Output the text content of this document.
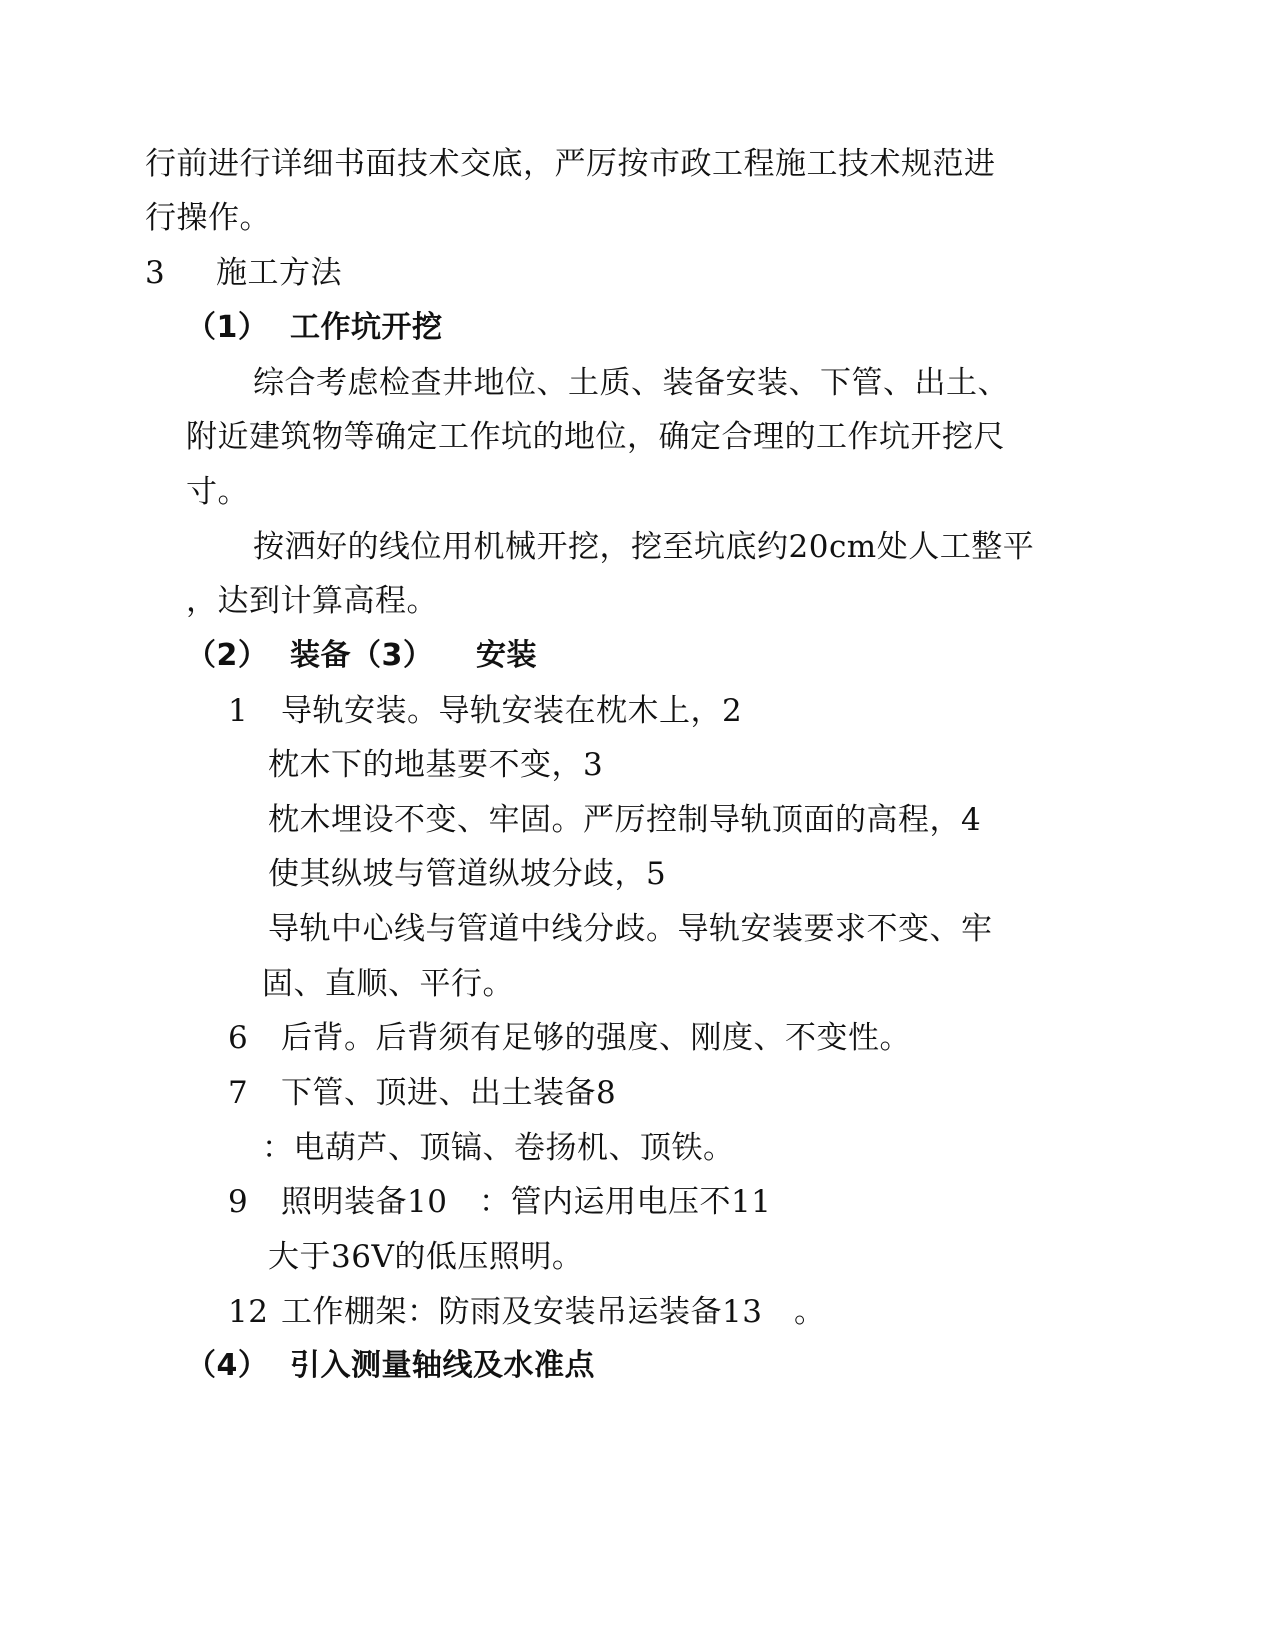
行前进行详细书面技术交底，严厉按市政工程施工技术规范进
行操作。
3 施工方法
（1） 工作坑开挖
综合考虑检查井地位、土质、装备安装、下管、出土、
附近建筑物等确定工作坑的地位，确定合理的工作坑开挖尺
寸。
按洒好的线位用机械开挖，挖至坑底约20cm处人工整平
，达到计算高程。
（2） 装备（3） 安装
1 导轨安装。导轨安装在枕木上，2
枕木下的地基要不变，3
枕木埋设不变、牢固。严厉控制导轨顶面的高程，4
使其纵坡与管道纵坡分歧，5
导轨中心线与管道中线分歧。导轨安装要求不变、牢
固、直顺、平行。
6 后背。后背须有足够的强度、刚度、不变性。
7 下管、顶进、出土装备8
：电葫芦、顶镐、卷扬机、顶铁。
9 照明装备10　：管内运用电压不11
大于36V的低压照明。
12 工作棚架：防雨及安装吊运装备13　。
（4） 引入测量轴线及水准点
